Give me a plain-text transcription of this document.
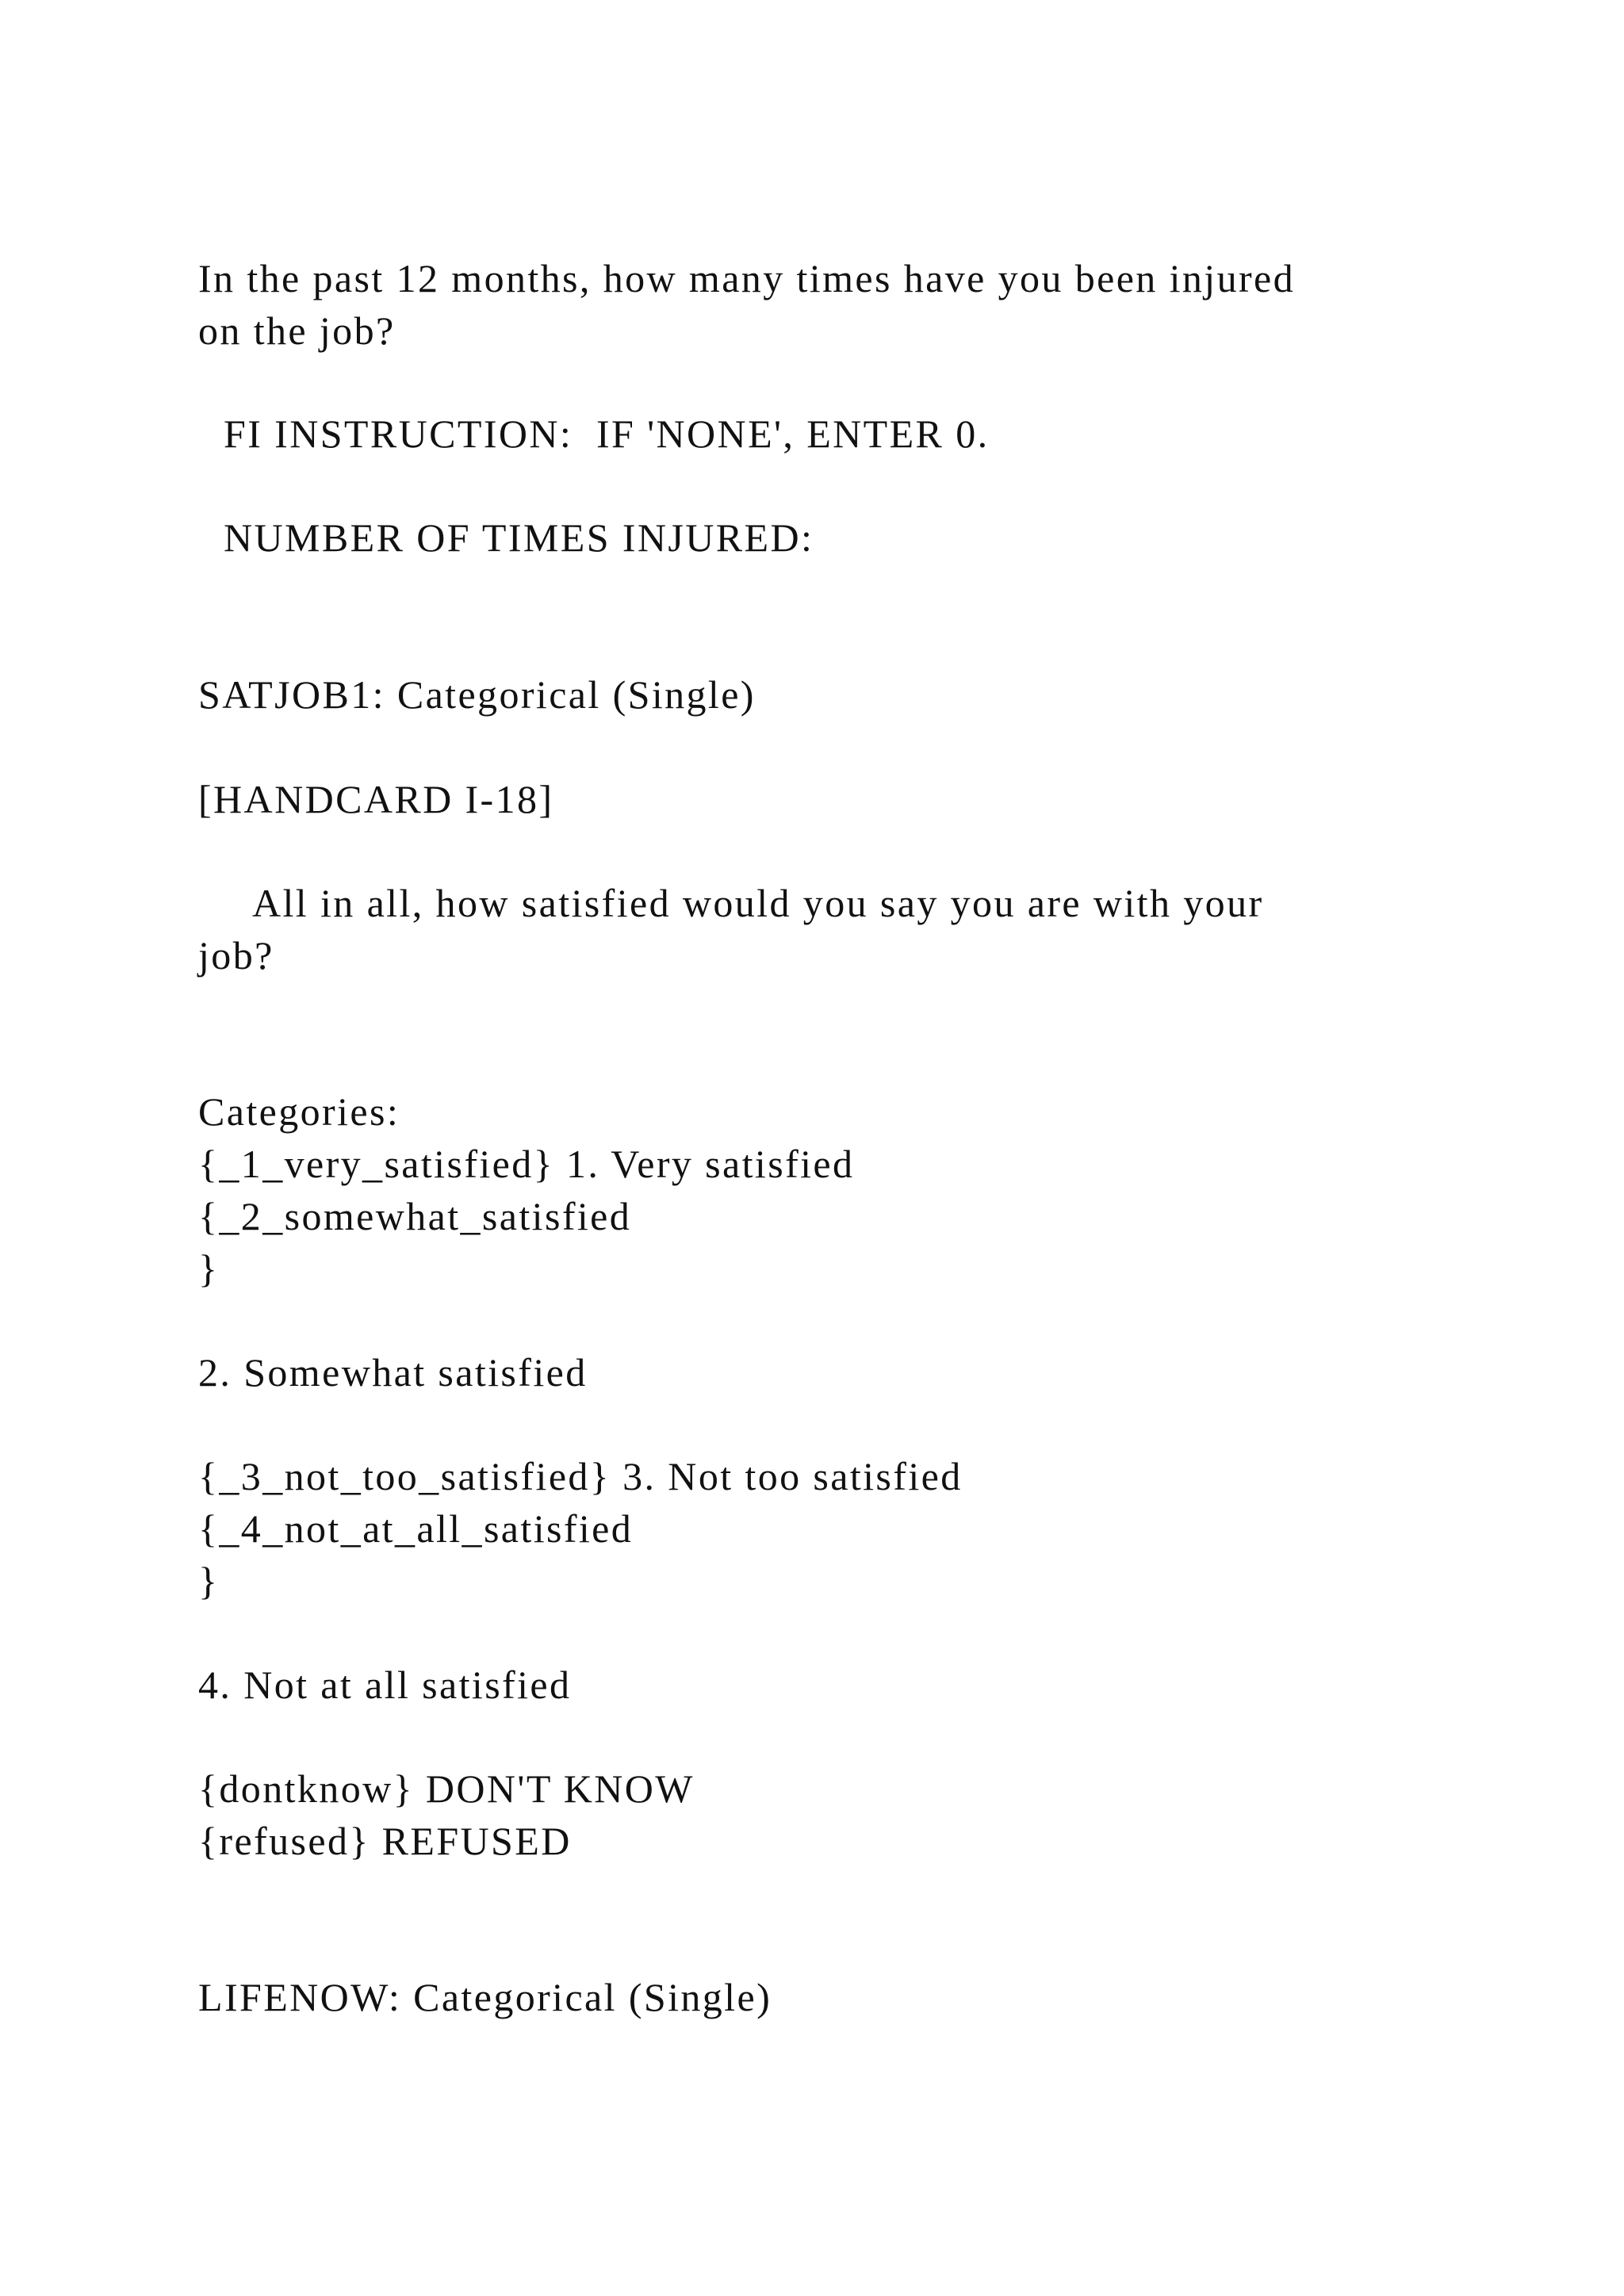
In the past 12 months, how many times have you been injured

on the job?

FI INSTRUCTION:  IF 'NONE', ENTER 0.

NUMBER OF TIMES INJURED:

SATJOB1: Categorical (Single)

[HANDCARD I-18]

All in all, how satisfied would you say you are with your

job?

Categories:

{_1_very_satisfied} 1. Very satisfied

{_2_somewhat_satisfied

}

2. Somewhat satisfied

{_3_not_too_satisfied} 3. Not too satisfied

{_4_not_at_all_satisfied

}

4. Not at all satisfied

{dontknow} DON'T KNOW

{refused} REFUSED

LIFENOW: Categorical (Single)
